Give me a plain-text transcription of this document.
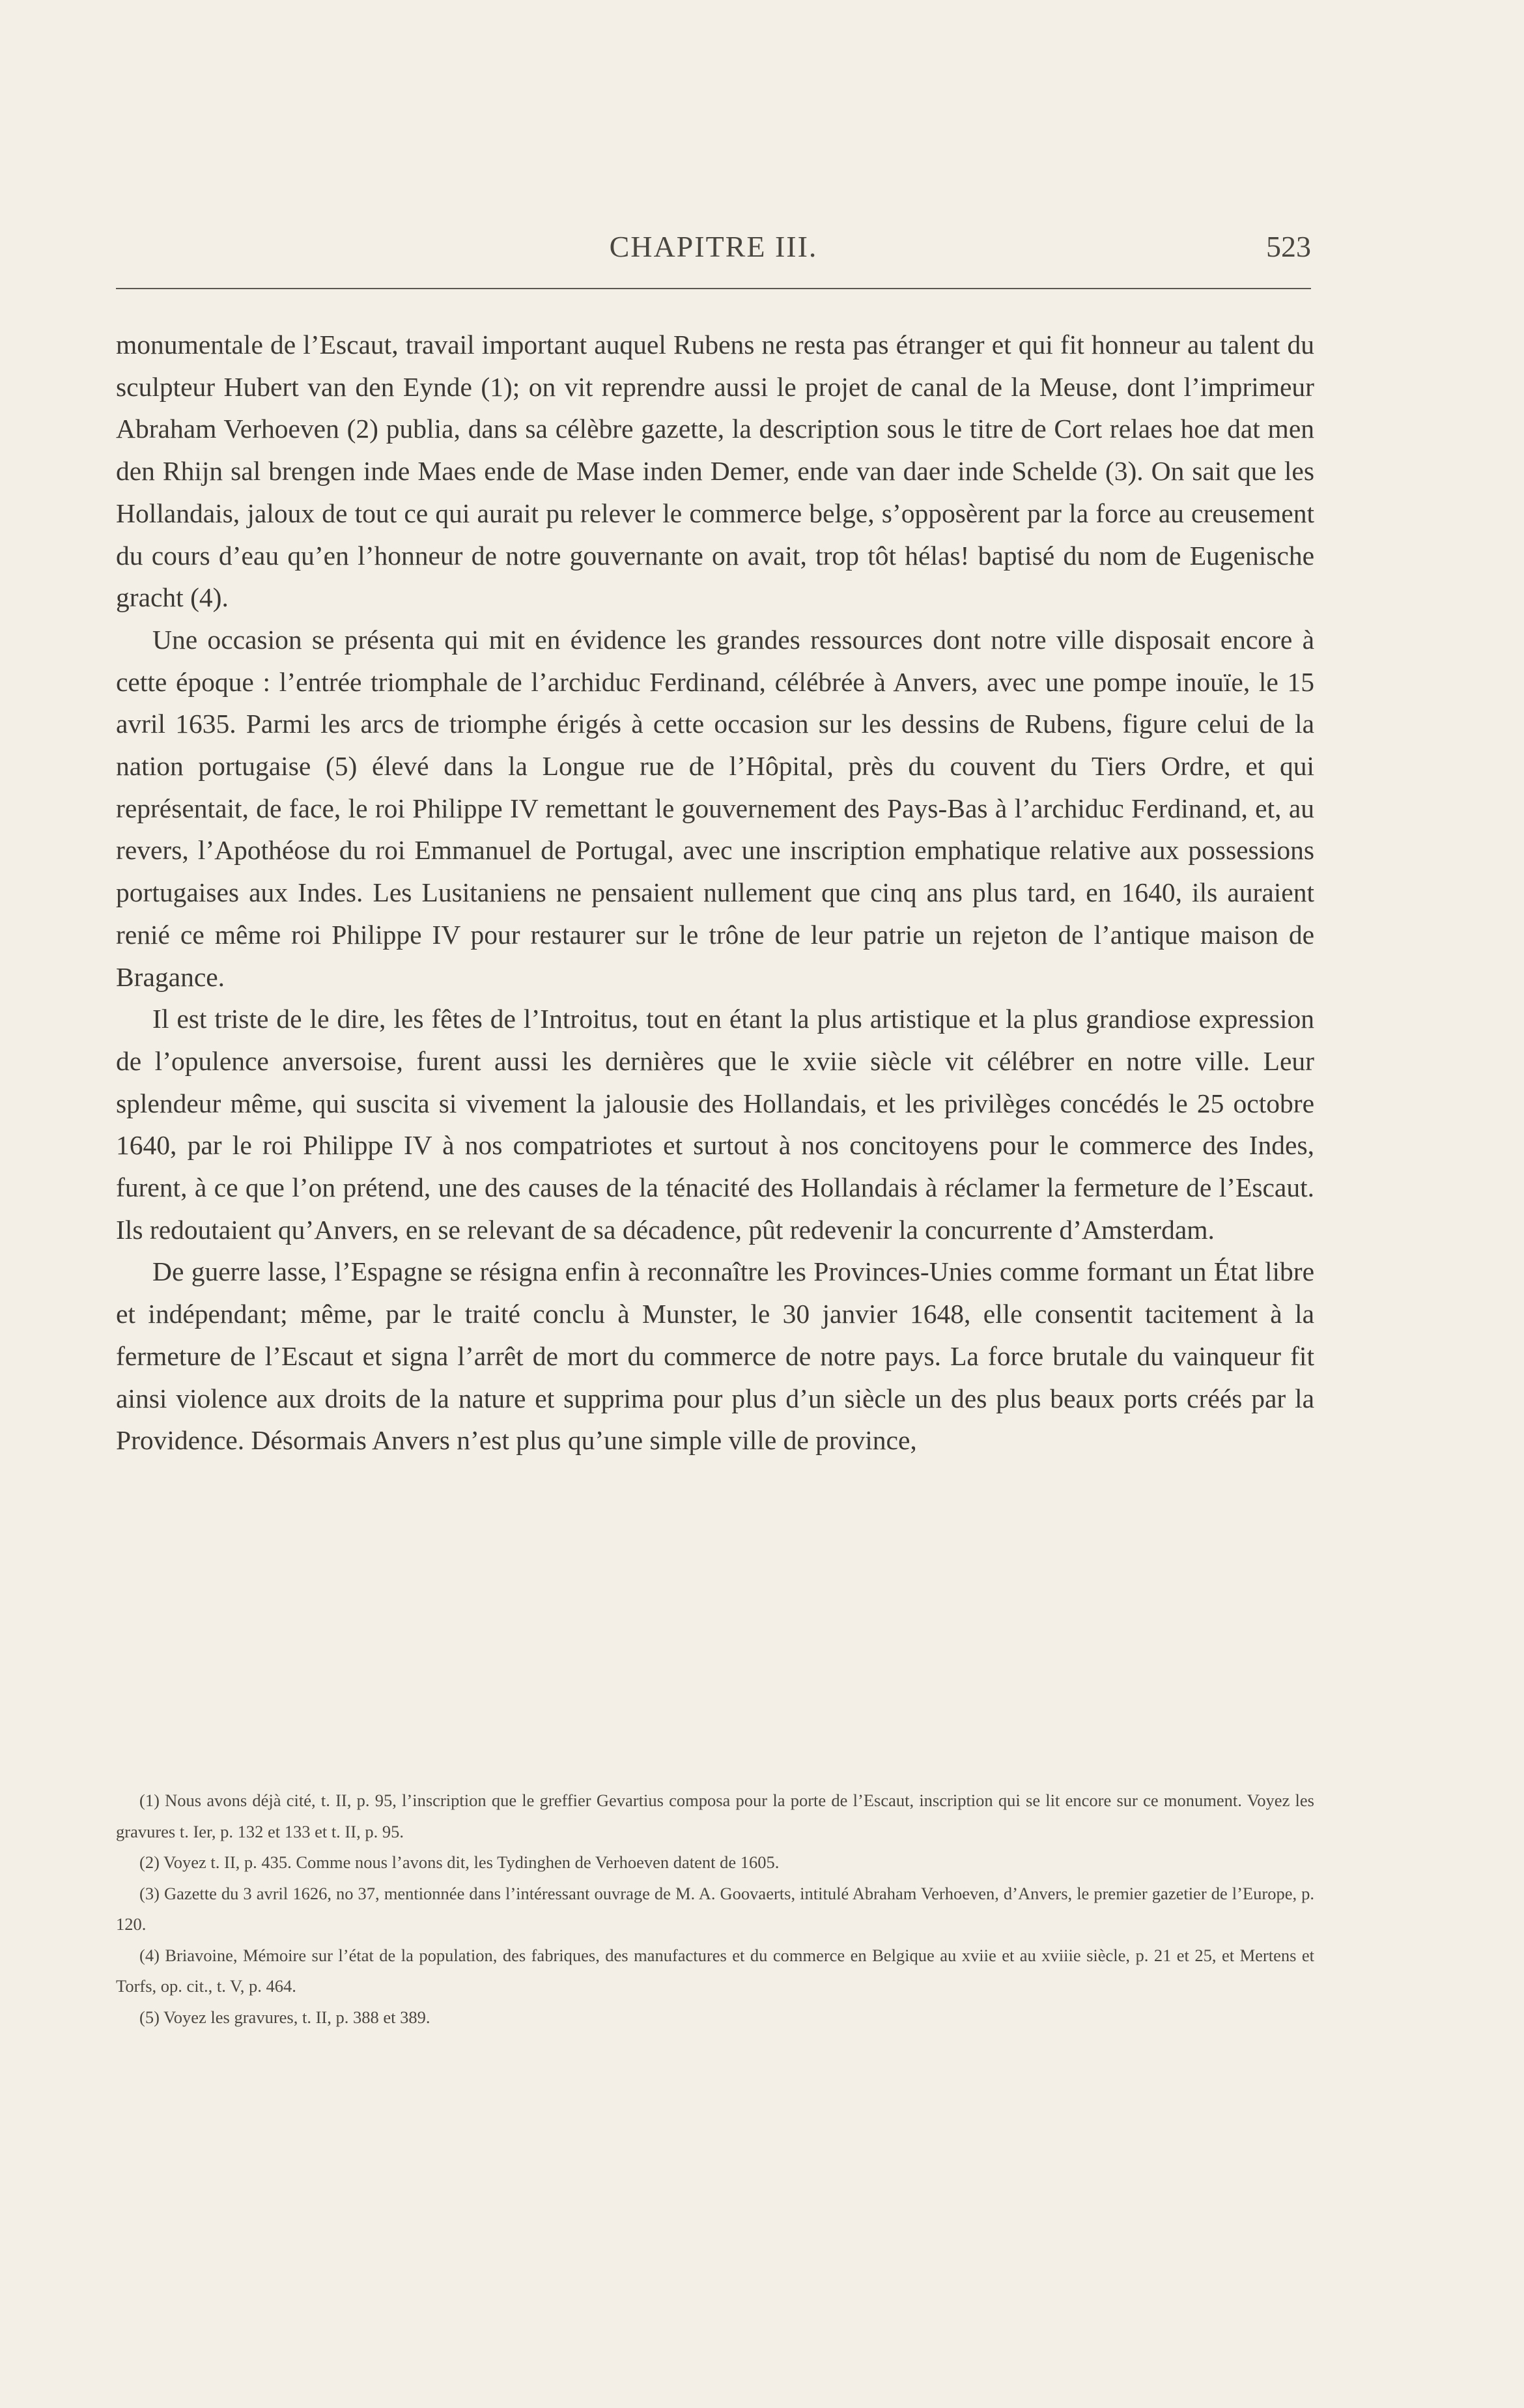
CHAPITRE III.	523

monumentale de l’Escaut, travail important auquel Rubens ne resta pas étranger et qui fit honneur au talent du sculpteur Hubert van den Eynde (1); on vit reprendre aussi le projet de canal de la Meuse, dont l’imprimeur Abraham Verhoeven (2) publia, dans sa célèbre gazette, la description sous le titre de Cort relaes hoe dat men den Rhijn sal brengen inde Maes ende de Mase inden Demer, ende van daer inde Schelde (3). On sait que les Hollandais, jaloux de tout ce qui aurait pu relever le commerce belge, s’opposèrent par la force au creusement du cours d’eau qu’en l’honneur de notre gouvernante on avait, trop tôt hélas! baptisé du nom de Eugenische gracht (4).

Une occasion se présenta qui mit en évidence les grandes ressources dont notre ville disposait encore à cette époque : l’entrée triomphale de l’archiduc Ferdinand, célébrée à Anvers, avec une pompe inouïe, le 15 avril 1635. Parmi les arcs de triomphe érigés à cette occasion sur les dessins de Rubens, figure celui de la nation portugaise (5) élevé dans la Longue rue de l’Hôpital, près du couvent du Tiers Ordre, et qui représentait, de face, le roi Philippe IV remettant le gouvernement des Pays-Bas à l’archiduc Ferdinand, et, au revers, l’Apothéose du roi Emmanuel de Portugal, avec une inscription emphatique relative aux possessions portugaises aux Indes. Les Lusitaniens ne pensaient nullement que cinq ans plus tard, en 1640, ils auraient renié ce même roi Philippe IV pour restaurer sur le trône de leur patrie un rejeton de l’antique maison de Bragance.

Il est triste de le dire, les fêtes de l’Introitus, tout en étant la plus artistique et la plus grandiose expression de l’opulence anversoise, furent aussi les dernières que le xviie siècle vit célébrer en notre ville. Leur splendeur même, qui suscita si vivement la jalousie des Hollandais, et les privilèges concédés le 25 octobre 1640, par le roi Philippe IV à nos compatriotes et surtout à nos concitoyens pour le commerce des Indes, furent, à ce que l’on prétend, une des causes de la ténacité des Hollandais à réclamer la fermeture de l’Escaut. Ils redoutaient qu’Anvers, en se relevant de sa décadence, pût redevenir la concurrente d’Amsterdam.

De guerre lasse, l’Espagne se résigna enfin à reconnaître les Provinces-Unies comme formant un État libre et indépendant; même, par le traité conclu à Munster, le 30 janvier 1648, elle consentit tacitement à la fermeture de l’Escaut et signa l’arrêt de mort du commerce de notre pays. La force brutale du vainqueur fit ainsi violence aux droits de la nature et supprima pour plus d’un siècle un des plus beaux ports créés par la Providence. Désormais Anvers n’est plus qu’une simple ville de province,

(1) Nous avons déjà cité, t. II, p. 95, l’inscription que le greffier Gevartius composa pour la porte de l’Escaut, inscription qui se lit encore sur ce monument. Voyez les gravures t. Ier, p. 132 et 133 et t. II, p. 95.

(2) Voyez t. II, p. 435. Comme nous l’avons dit, les Tydinghen de Verhoeven datent de 1605.

(3) Gazette du 3 avril 1626, no 37, mentionnée dans l’intéressant ouvrage de M. A. Goovaerts, intitulé Abraham Verhoeven, d’Anvers, le premier gazetier de l’Europe, p. 120.

(4) Briavoine, Mémoire sur l’état de la population, des fabriques, des manufactures et du commerce en Belgique au xviie et au xviiie siècle, p. 21 et 25, et Mertens et Torfs, op. cit., t. V, p. 464.

(5) Voyez les gravures, t. II, p. 388 et 389.
